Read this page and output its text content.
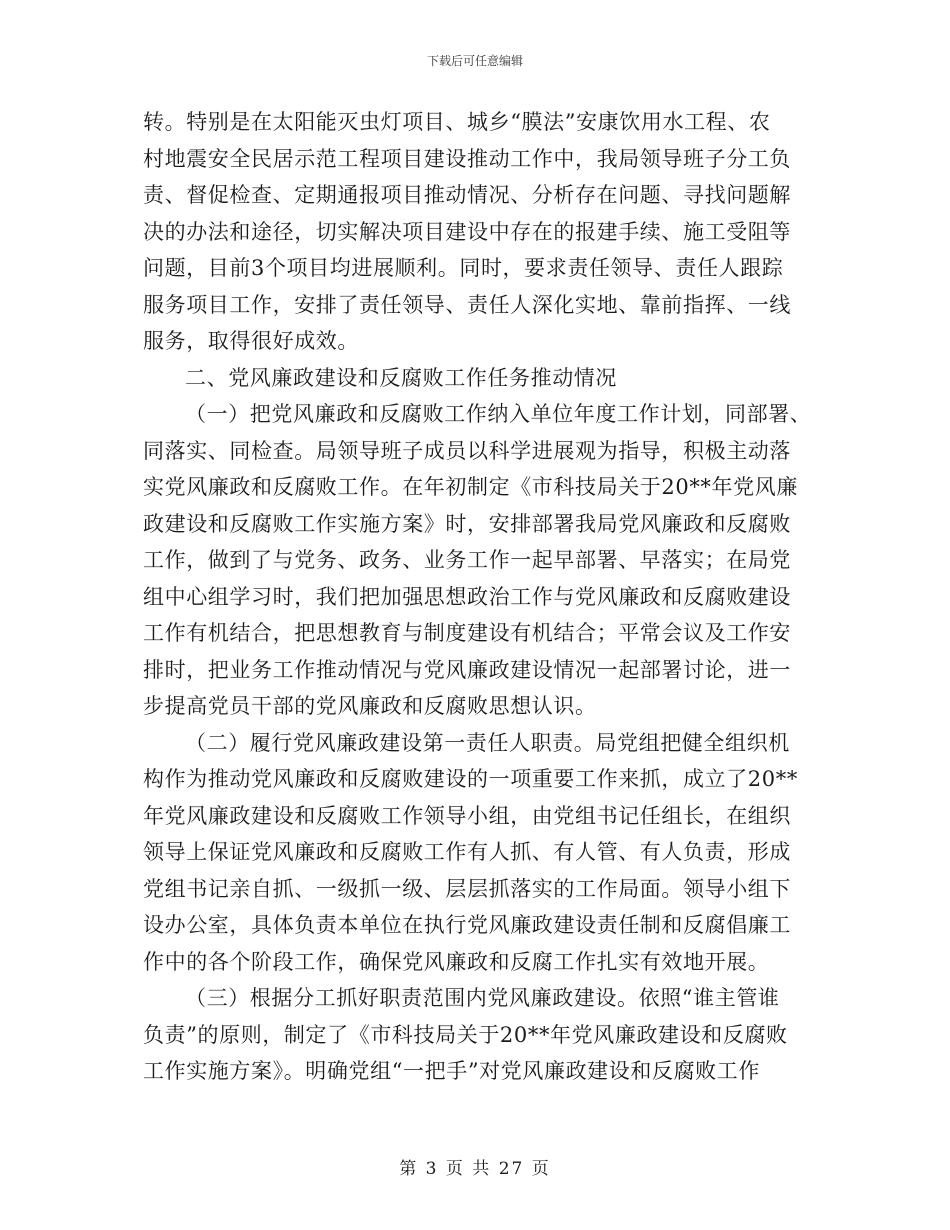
下载后可任意编辑
转。特别是在太阳能灭虫灯项目、城乡“膜法”安康饮用水工程、农
村地震安全民居示范工程项目建设推动工作中，我局领导班子分工负
责、督促检查、定期通报项目推动情况、分析存在问题、寻找问题解
决的办法和途径，切实解决项目建设中存在的报建手续、施工受阻等
问题，目前3个项目均进展顺利。同时，要求责任领导、责任人跟踪
服务项目工作，安排了责任领导、责任人深化实地、靠前指挥、一线
服务，取得很好成效。
二、党风廉政建设和反腐败工作任务推动情况
（一）把党风廉政和反腐败工作纳入单位年度工作计划，同部署、
同落实、同检查。局领导班子成员以科学进展观为指导，积极主动落
实党风廉政和反腐败工作。在年初制定《市科技局关于20**年党风廉
政建设和反腐败工作实施方案》时，安排部署我局党风廉政和反腐败
工作，做到了与党务、政务、业务工作一起早部署、早落实；在局党
组中心组学习时，我们把加强思想政治工作与党风廉政和反腐败建设
工作有机结合，把思想教育与制度建设有机结合；平常会议及工作安
排时，把业务工作推动情况与党风廉政建设情况一起部署讨论，进一
步提高党员干部的党风廉政和反腐败思想认识。
（二）履行党风廉政建设第一责任人职责。局党组把健全组织机
构作为推动党风廉政和反腐败建设的一项重要工作来抓，成立了20**
年党风廉政建设和反腐败工作领导小组，由党组书记任组长，在组织
领导上保证党风廉政和反腐败工作有人抓、有人管、有人负责，形成
党组书记亲自抓、一级抓一级、层层抓落实的工作局面。领导小组下
设办公室，具体负责本单位在执行党风廉政建设责任制和反腐倡廉工
作中的各个阶段工作，确保党风廉政和反腐工作扎实有效地开展。
（三）根据分工抓好职责范围内党风廉政建设。依照“谁主管谁
负责”的原则，制定了《市科技局关于20**年党风廉政建设和反腐败
工作实施方案》。明确党组“一把手”对党风廉政建设和反腐败工作
第 3 页 共 27 页
